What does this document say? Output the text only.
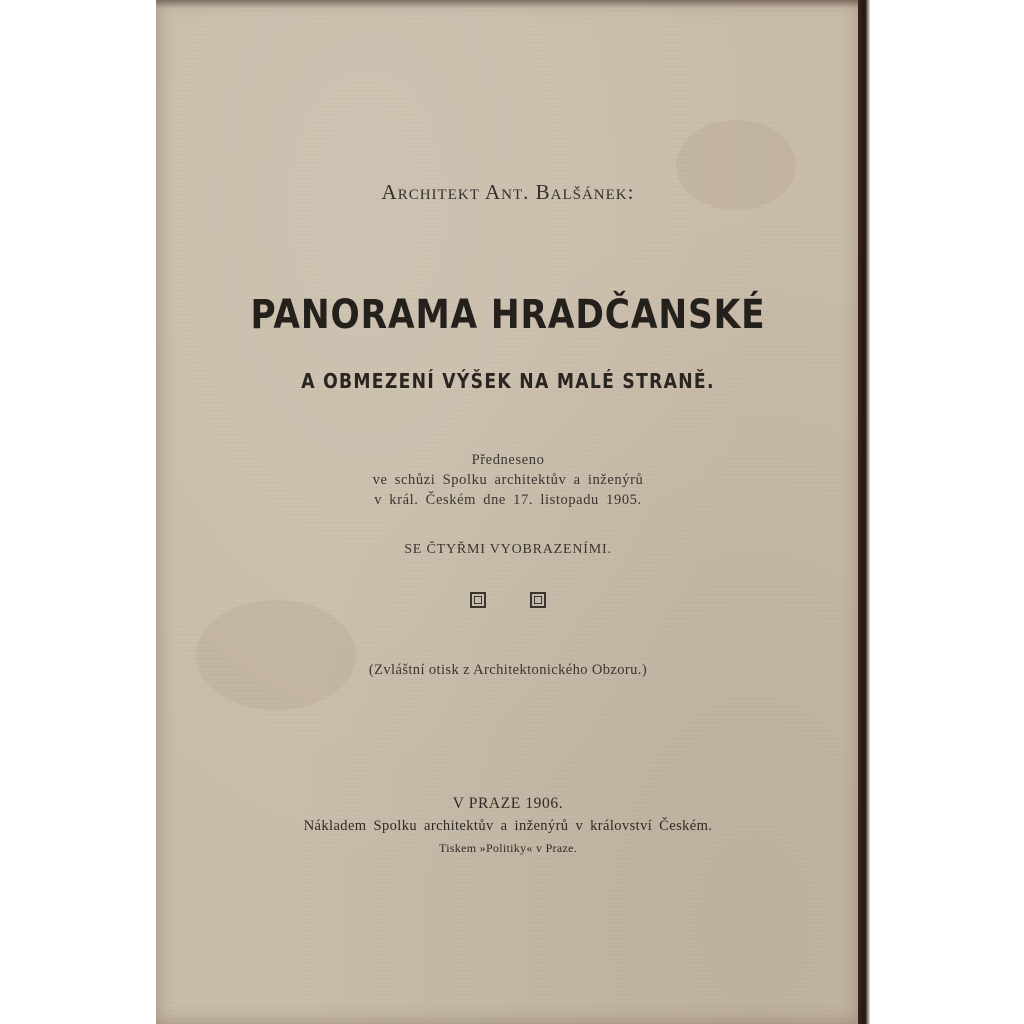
Architekt Ant. Balšánek:
PANORAMA HRADČANSKÉ
A OBMEZENÍ VÝŠEK NA MALÉ STRANĚ.
Předneseno
ve schůzi Spolku architektův a inženýrů
v král. Českém dne 17. listopadu 1905.
SE ČTYŘMI VYOBRAZENÍMI.
(Zvláštní otisk z Architektonického Obzoru.)
V PRAZE 1906.
Nákladem Spolku architektův a inženýrů v království Českém.
Tiskem »Politiky« v Praze.
